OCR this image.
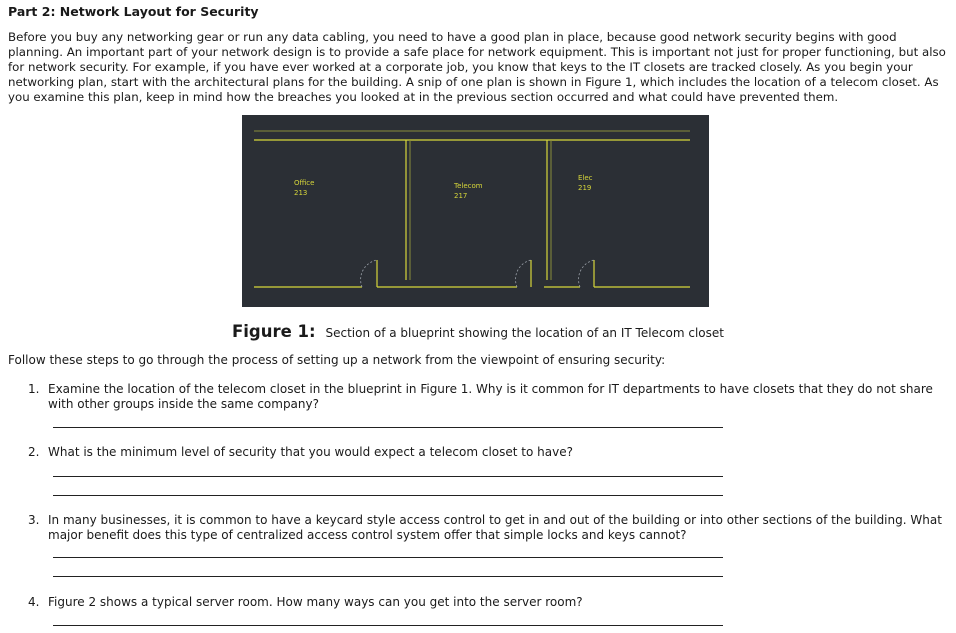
Part 2: Network Layout for Security
Before you buy any networking gear or run any data cabling, you need to have a good plan in place, because good network security begins with good planning. An important part of your network design is to provide a safe place for network equipment. This is important not just for proper functioning, but also for network security. For example, if you have ever worked at a corporate job, you know that keys to the IT closets are tracked closely. As you begin your networking plan, start with the architectural plans for the building. A snip of one plan is shown in Figure 1, which includes the location of a telecom closet. As you examine this plan, keep in mind how the breaches you looked at in the previous section occurred and what could have prevented them.
Office
213
Telecom
217
Elec
219
Figure 1: Section of a blueprint showing the location of an IT Telecom closet
Follow these steps to go through the process of setting up a network from the viewpoint of ensuring security:
1. Examine the location of the telecom closet in the blueprint in Figure 1. Why is it common for IT departments to have closets that they do not share with other groups inside the same company?
2. What is the minimum level of security that you would expect a telecom closet to have?
3. In many businesses, it is common to have a keycard style access control to get in and out of the building or into other sections of the building. What major benefit does this type of centralized access control system offer that simple locks and keys cannot?
4. Figure 2 shows a typical server room. How many ways can you get into the server room?
